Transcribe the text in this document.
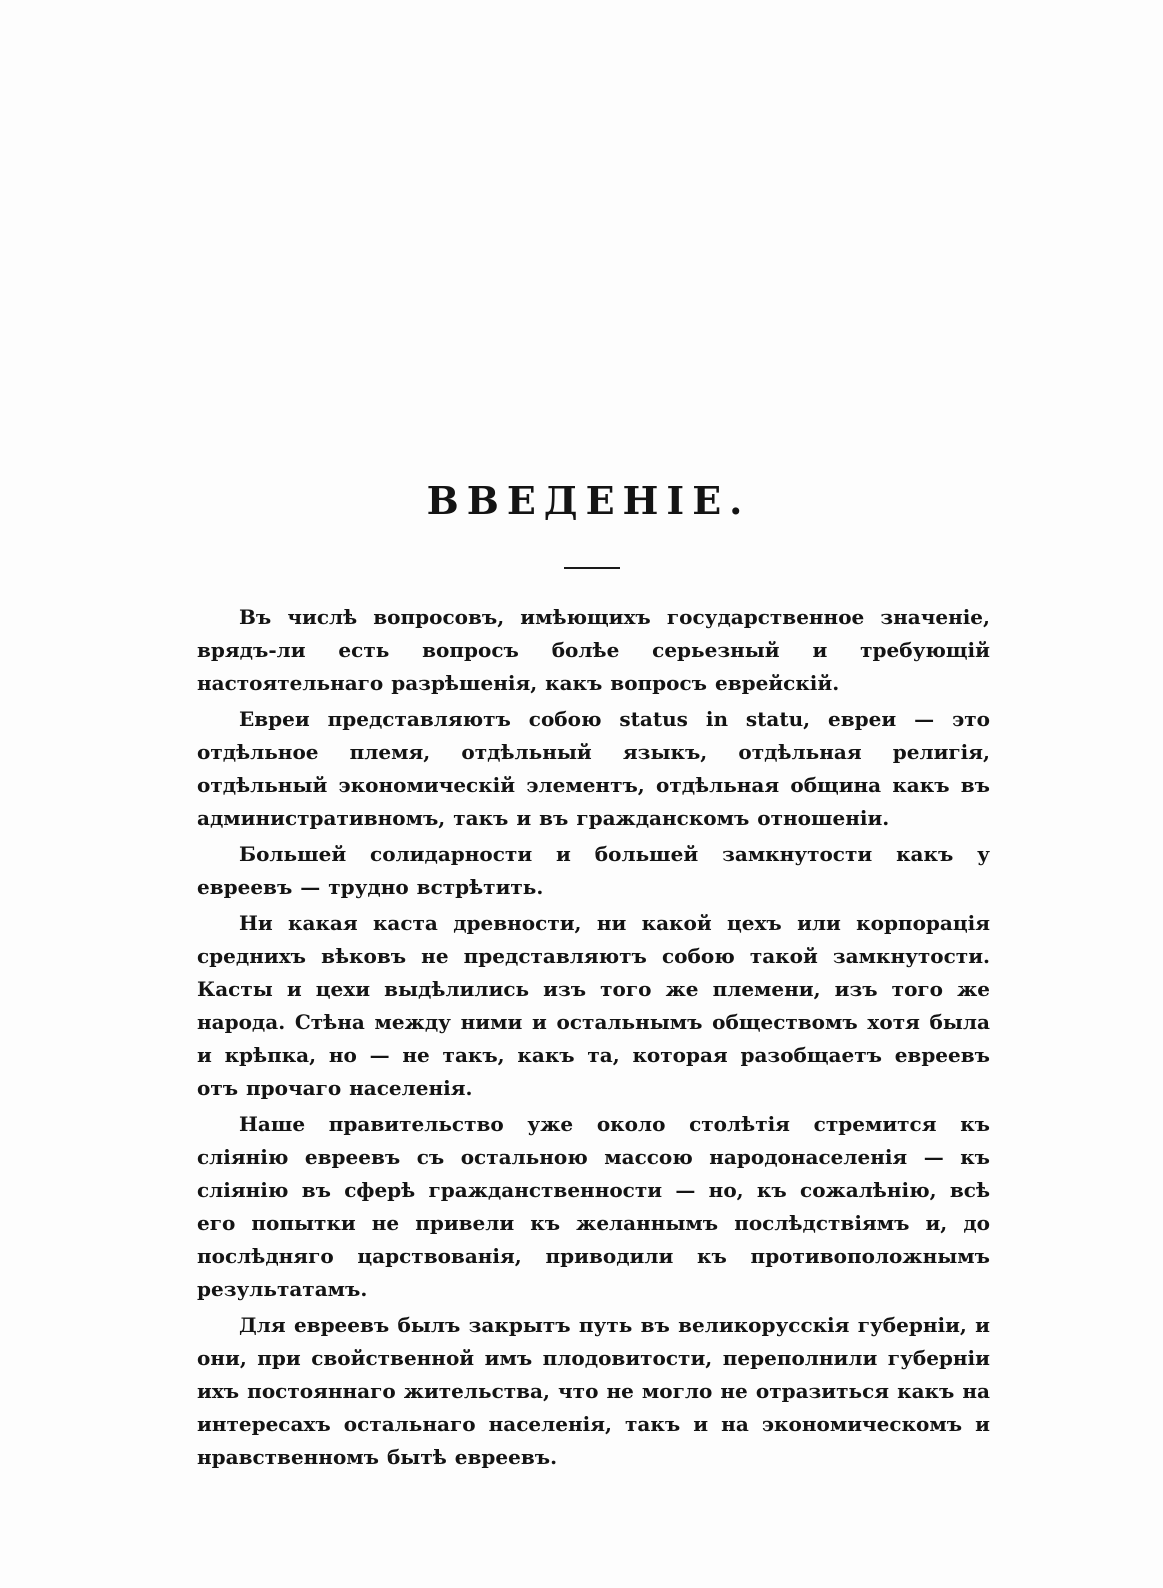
ВВЕДЕНІЕ.

Въ числѣ вопросовъ, имѣющихъ государственное значеніе, врядъ-ли есть вопросъ болѣе серьезный и требующій настоятельнаго разрѣшенія, какъ вопросъ еврейскій.

Евреи представляютъ собою status in statu, евреи — это отдѣльное племя, отдѣльный языкъ, отдѣльная религія, отдѣльный экономическій элементъ, отдѣльная община какъ въ административномъ, такъ и въ гражданскомъ отношеніи.

Большей солидарности и большей замкнутости какъ у евреевъ — трудно встрѣтить.

Ни какая каста древности, ни какой цехъ или корпорація среднихъ вѣковъ не представляютъ собою такой замкнутости. Касты и цехи выдѣлились изъ того же племени, изъ того же народа. Стѣна между ними и остальнымъ обществомъ хотя была и крѣпка, но — не такъ, какъ та, которая разобщаетъ евреевъ отъ прочаго населенія.

Наше правительство уже около столѣтія стремится къ слiянiю евреевъ съ остальною массою народонаселенія — къ слiянiю въ сферѣ гражданственности — но, къ сожалѣнію, всѣ его попытки не привели къ желаннымъ послѣдствіямъ и, до послѣдняго царствованія, приводили къ противоположнымъ результатамъ.

Для евреевъ былъ закрытъ путь въ великорусскія губерніи, и они, при свойственной имъ плодовитости, переполнили губерніи ихъ постояннаго жительства, что не могло не отразиться какъ на интересахъ остальнаго населенія, такъ и на экономическомъ и нравственномъ бытѣ евреевъ.
